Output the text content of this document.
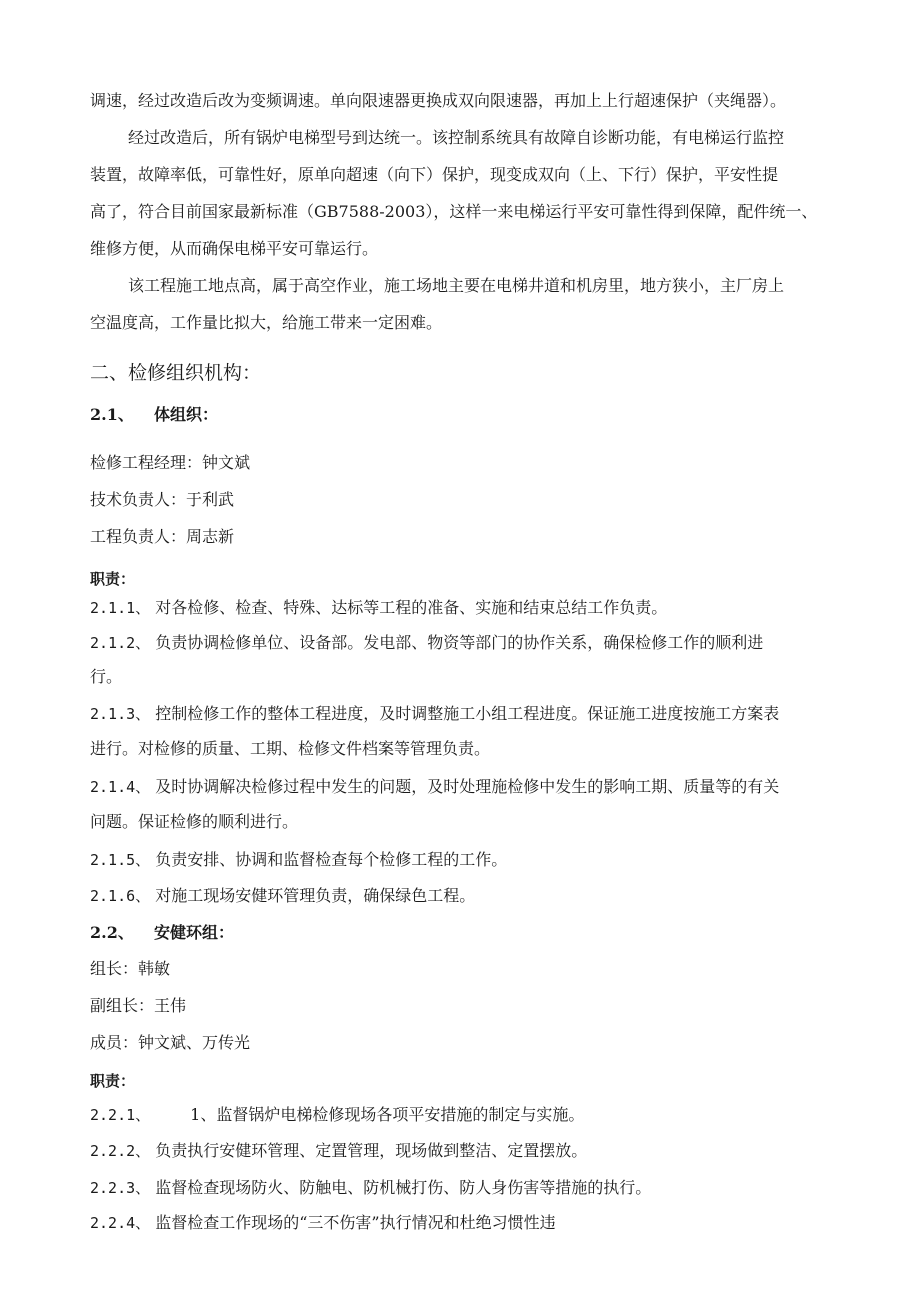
调速，经过改造后改为变频调速。单向限速器更换成双向限速器，再加上上行超速保护（夹绳器）。
经过改造后，所有锅炉电梯型号到达统一。该控制系统具有故障自诊断功能，有电梯运行监控
装置，故障率低，可靠性好，原单向超速（向下）保护，现变成双向（上、下行）保护，平安性提
高了，符合目前国家最新标准（GB7588-2003），这样一来电梯运行平安可靠性得到保障，配件统一、
维修方便，从而确保电梯平安可靠运行。
该工程施工地点高，属于高空作业，施工场地主要在电梯井道和机房里，地方狭小，主厂房上
空温度高，工作量比拟大，给施工带来一定困难。
二、检修组织机构：
2.1、 体组织：
检修工程经理：钟文斌
技术负责人：于利武
工程负责人：周志新
职责：
2.1.1、 对各检修、检查、特殊、达标等工程的准备、实施和结束总结工作负责。
2.1.2、 负责协调检修单位、设备部。发电部、物资等部门的协作关系，确保检修工作的顺利进
行。
2.1.3、 控制检修工作的整体工程进度，及时调整施工小组工程进度。保证施工进度按施工方案表
进行。对检修的质量、工期、检修文件档案等管理负责。
2.1.4、 及时协调解决检修过程中发生的问题，及时处理施检修中发生的影响工期、质量等的有关
问题。保证检修的顺利进行。
2.1.5、 负责安排、协调和监督检查每个检修工程的工作。
2.1.6、 对施工现场安健环管理负责，确保绿色工程。
2.2、 安健环组：
组长：韩敏
副组长：王伟
成员：钟文斌、万传光
职责：
2.2.1、	1、监督锅炉电梯检修现场各项平安措施的制定与实施。
2.2.2、 负责执行安健环管理、定置管理，现场做到整洁、定置摆放。
2.2.3、 监督检查现场防火、防触电、防机械打伤、防人身伤害等措施的执行。
2.2.4、 监督检查工作现场的“三不伤害”执行情况和杜绝习惯性违
